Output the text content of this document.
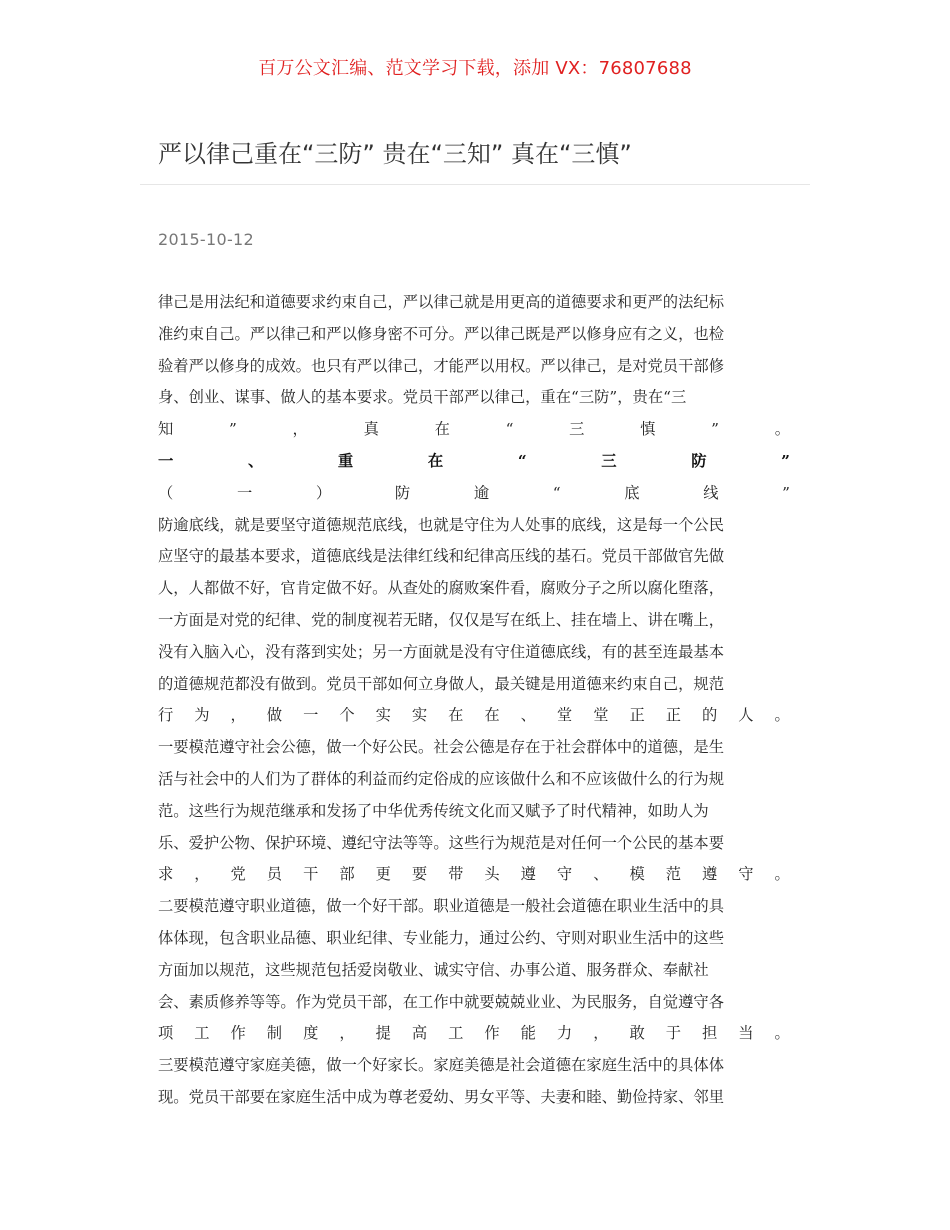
百万公文汇编、范文学习下载，添加 VX：76807688
严以律己重在“三防” 贵在“三知” 真在“三慎”
2015-10-12
律己是用法纪和道德要求约束自己，严以律己就是用更高的道德要求和更严的法纪标
准约束自己。严以律己和严以修身密不可分。严以律己既是严以修身应有之义，也检
验着严以修身的成效。也只有严以律己，才能严以用权。严以律己，是对党员干部修
身、创业、谋事、做人的基本要求。党员干部严以律己，重在“三防”，贵在“三
知	”	，	真	在	“	三	慎	”	。
一	、	重	在	“	三	防	”
（	一	）	防	逾	“	底	线	”
防逾底线，就是要坚守道德规范底线，也就是守住为人处事的底线，这是每一个公民
应坚守的最基本要求，道德底线是法律红线和纪律高压线的基石。党员干部做官先做
人，人都做不好，官肯定做不好。从查处的腐败案件看，腐败分子之所以腐化堕落，
一方面是对党的纪律、党的制度视若无睹，仅仅是写在纸上、挂在墙上、讲在嘴上，
没有入脑入心，没有落到实处；另一方面就是没有守住道德底线，有的甚至连最基本
的道德规范都没有做到。党员干部如何立身做人，最关键是用道德来约束自己，规范
行 为 ， 做 一 个 实 实 在 在 、 堂 堂 正 正 的 人 。
一要模范遵守社会公德，做一个好公民。社会公德是存在于社会群体中的道德，是生
活与社会中的人们为了群体的利益而约定俗成的应该做什么和不应该做什么的行为规
范。这些行为规范继承和发扬了中华优秀传统文化而又赋予了时代精神，如助人为
乐、爱护公物、保护环境、遵纪守法等等。这些行为规范是对任何一个公民的基本要
求 ， 党 员 干 部 更 要 带 头 遵 守 、 模 范 遵 守 。
二要模范遵守职业道德，做一个好干部。职业道德是一般社会道德在职业生活中的具
体体现，包含职业品德、职业纪律、专业能力，通过公约、守则对职业生活中的这些
方面加以规范，这些规范包括爱岗敬业、诚实守信、办事公道、服务群众、奉献社
会、素质修养等等。作为党员干部，在工作中就要兢兢业业、为民服务，自觉遵守各
项 工 作 制 度 ， 提 高 工 作 能 力 ， 敢 于 担 当 。
三要模范遵守家庭美德，做一个好家长。家庭美德是社会道德在家庭生活中的具体体
现。党员干部要在家庭生活中成为尊老爱幼、男女平等、夫妻和睦、勤俭持家、邻里
